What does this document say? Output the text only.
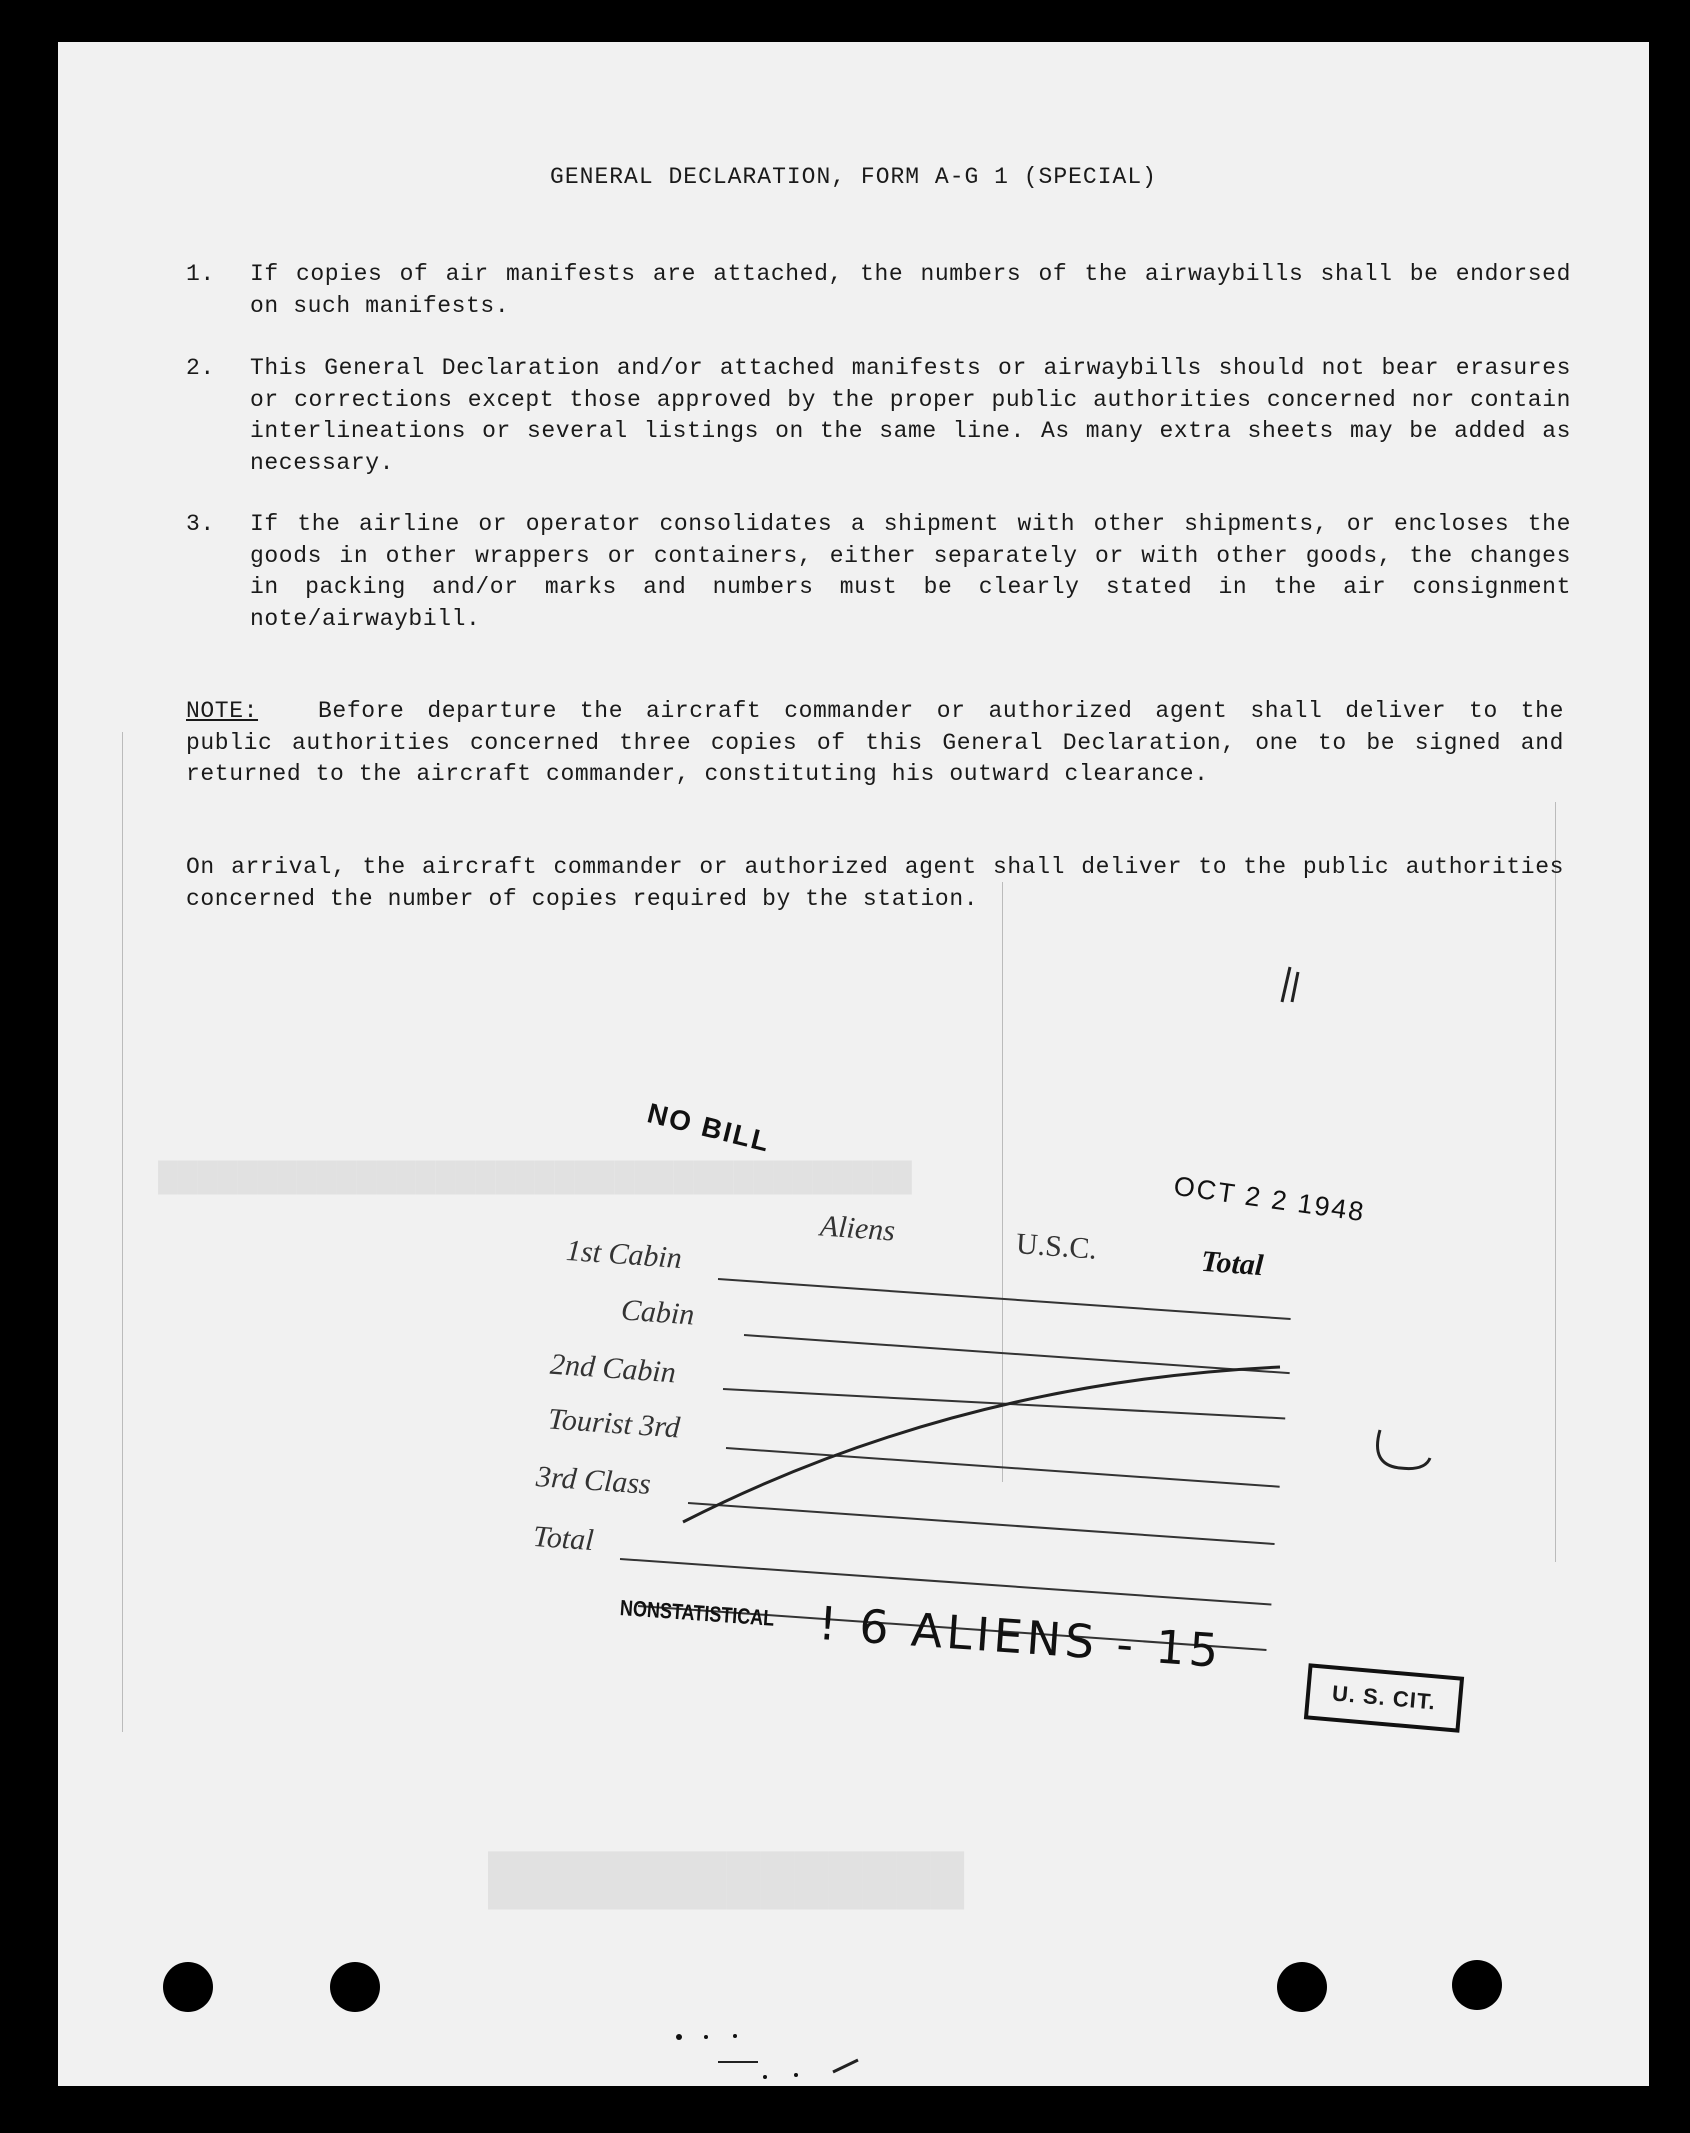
██████████████
██████████████████████████████████████
GENERAL DECLARATION, FORM A-G 1 (SPECIAL)
1. If copies of air manifests are attached, the numbers of the airwaybills shall be endorsed on such manifests.
2. This General Declaration and/or attached manifests or airwaybills should not bear erasures or corrections except those approved by the proper public authorities concerned nor contain interlineations or several listings on the same line. As many extra sheets may be added as necessary.
3. If the airline or operator consolidates a shipment with other shipments, or encloses the goods in other wrappers or containers, either separately or with other goods, the changes in packing and/or marks and numbers must be clearly stated in the air consignment note/airwaybill.
NOTE:	Before departure the aircraft commander or authorized agent shall deliver to the public authorities concerned three copies of this General Declaration, one to be signed and returned to the aircraft commander, constituting his outward clearance.
On arrival, the aircraft commander or authorized agent shall deliver to the public authorities concerned the number of copies required by the station.
NO BILL
OCT 2 2 1948
Aliens	U.S.C.	Total
1st Cabin
Cabin
2nd Cabin
Tourist 3rd
3rd Class
Total
NONSTATISTICAL ! 6 ALIENS - 15
U. S. CIT.
